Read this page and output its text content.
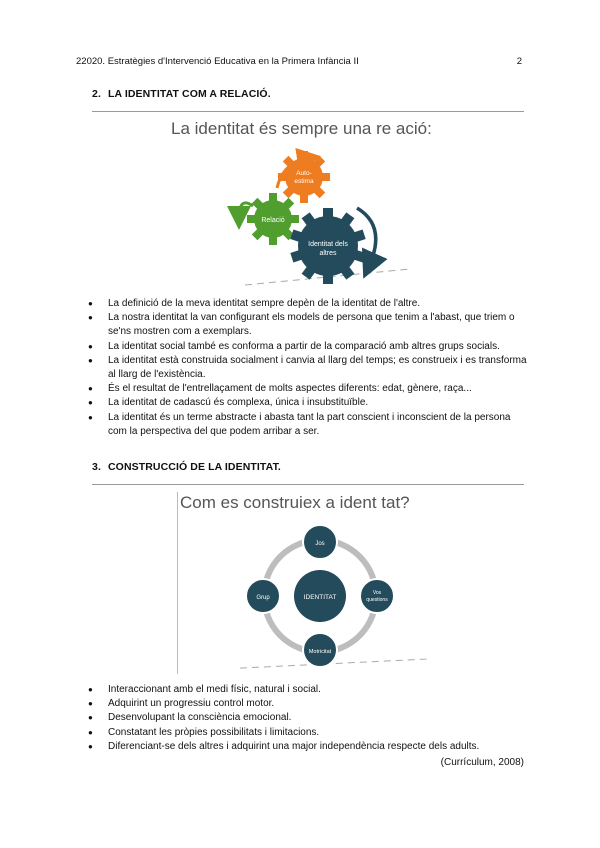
22020. Estratègies d'Intervenció Educativa en la Primera Infància II	2
2. LA IDENTITAT COM A RELACIÓ.
La identitat és sempre una re ació:
Auto-
estima
Relació
Identitat dels
altres
● La definició de la meva identitat sempre depèn de la identitat de l'altre.
● La nostra identitat la van configurant els models de persona que tenim a l'abast, que triem o se'ns mostren com a exemplars.
● La identitat social també es conforma a partir de la comparació amb altres grups socials.
● La identitat està construida socialment i canvia al llarg del temps; es construeix i es transforma al llarg de l'existència.
● És el resultat de l'entrellaçament de molts aspectes diferents: edat, gènere, raça...
● La identitat de cadascú és complexa, única i insubstituïble.
● La identitat és un terme abstracte i abasta tant la part conscient i inconscient de la persona com la perspectiva del que podem arribar a ser.
3. CONSTRUCCIÓ DE LA IDENTITAT.
Com es construiex a ident tat?
IDENTITAT
Jos
Grup
Vos
questions
Motricitat
● Interaccionant amb el medi físic, natural i social.
● Adquirint un progressiu control motor.
● Desenvolupant la consciència emocional.
● Constatant les pròpies possibilitats i limitacions.
● Diferenciant-se dels altres i adquirint una major independència respecte dels adults.
(Currículum, 2008)
